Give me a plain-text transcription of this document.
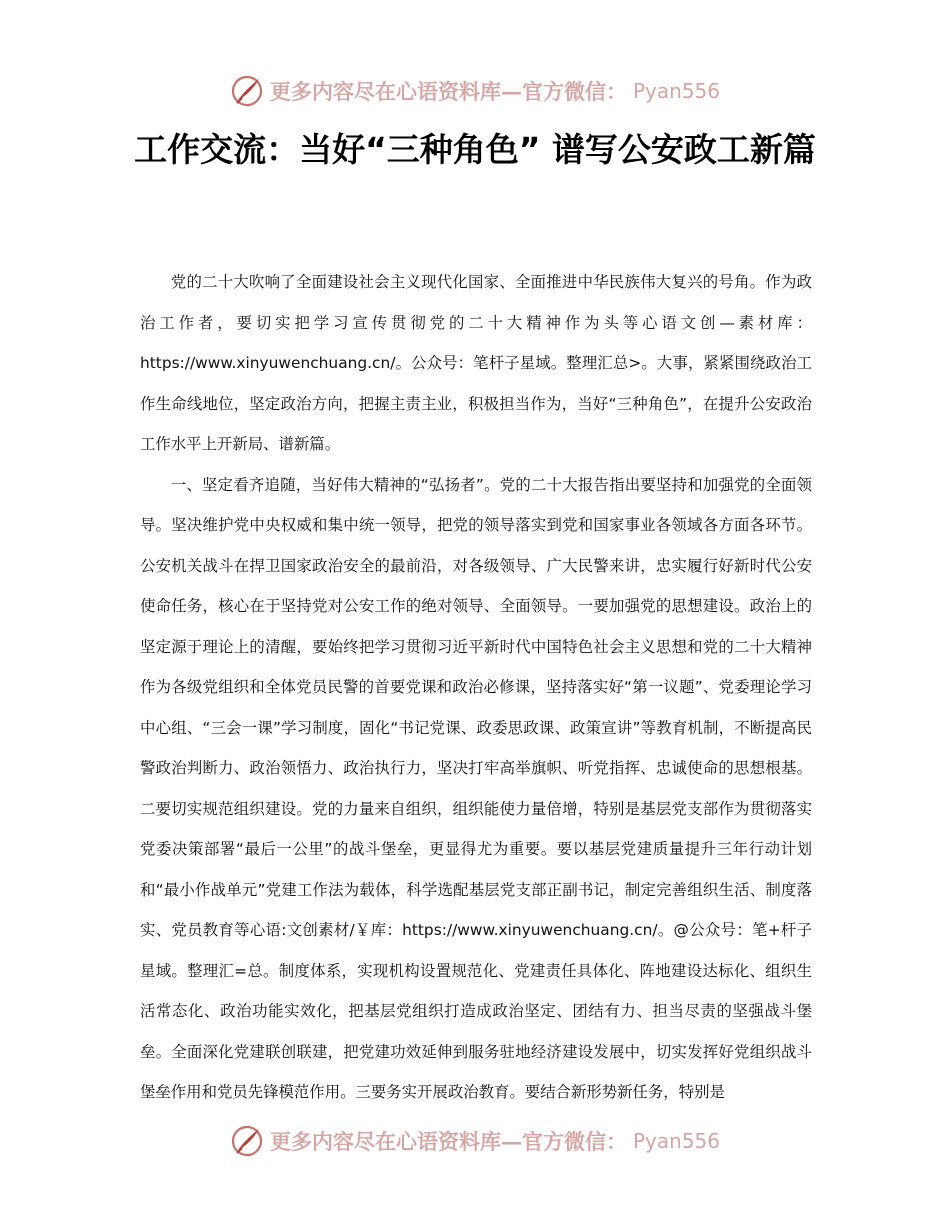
更多内容尽在心语资料库—官方微信： Pyan556
工作交流：当好“三种角色” 谱写公安政工新篇

党的二十大吹响了全面建设社会主义现代化国家、全面推进中华民族伟大复兴的号角。作为政治工作者，要切实把学习宣传贯彻党的二十大精神作为头等心语文创—素材库： https://www.xinyuwenchuang.cn/。公众号：笔杆子星域。整理汇总>。大事，紧紧围绕政治工作生命线地位，坚定政治方向，把握主责主业，积极担当作为，当好“三种角色”，在提升公安政治工作水平上开新局、谱新篇。

一、坚定看齐追随，当好伟大精神的“弘扬者”。党的二十大报告指出要坚持和加强党的全面领导。坚决维护党中央权威和集中统一领导，把党的领导落实到党和国家事业各领域各方面各环节。公安机关战斗在捍卫国家政治安全的最前沿，对各级领导、广大民警来讲，忠实履行好新时代公安使命任务，核心在于坚持党对公安工作的绝对领导、全面领导。一要加强党的思想建设。政治上的坚定源于理论上的清醒，要始终把学习贯彻习近平新时代中国特色社会主义思想和党的二十大精神作为各级党组织和全体党员民警的首要党课和政治必修课，坚持落实好“第一议题”、党委理论学习中心组、“三会一课”学习制度，固化“书记党课、政委思政课、政策宣讲”等教育机制，不断提高民警政治判断力、政治领悟力、政治执行力，坚决打牢高举旗帜、听党指挥、忠诚使命的思想根基。二要切实规范组织建设。党的力量来自组织，组织能使力量倍增，特别是基层党支部作为贯彻落实党委决策部署“最后一公里”的战斗堡垒，更显得尤为重要。要以基层党建质量提升三年行动计划和“最小作战单元”党建工作法为载体，科学选配基层党支部正副书记，制定完善组织生活、制度落实、党员教育等心语:文创素材/￥库：https://www.xinyuwenchuang.cn/。@公众号：笔+杆子星域。整理汇=总。制度体系，实现机构设置规范化、党建责任具体化、阵地建设达标化、组织生活常态化、政治功能实效化，把基层党组织打造成政治坚定、团结有力、担当尽责的坚强战斗堡垒。全面深化党建联创联建，把党建功效延伸到服务驻地经济建设发展中，切实发挥好党组织战斗堡垒作用和党员先锋模范作用。三要务实开展政治教育。要结合新形势新任务，特别是

更多内容尽在心语资料库—官方微信： Pyan556
